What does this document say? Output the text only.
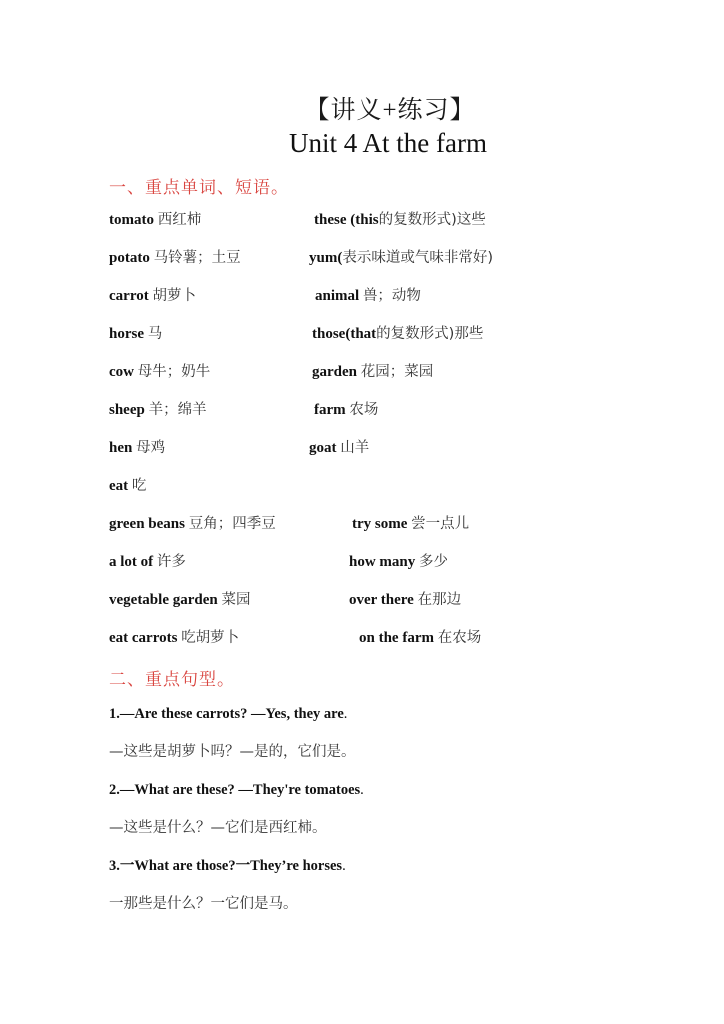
【讲义+练习】
Unit 4 At the farm
一、重点单词、短语。
tomato 西红柿
potato 马铃薯；土豆
carrot 胡萝卜
horse 马
cow 母牛；奶牛
sheep 羊；绵羊
hen 母鸡
eat 吃
green beans 豆角；四季豆
a lot of 许多
vegetable garden 菜园
eat carrots 吃胡萝卜
these (this的复数形式)这些
yum(表示味道或气味非常好)
animal 兽；动物
those(that的复数形式)那些
garden 花园；菜园
farm 农场
goat 山羊
try some 尝一点儿
how many 多少
over there 在那边
on the farm 在农场
二、重点句型。
1.—Are these carrots? —Yes, they are.
—这些是胡萝卜吗？—是的，它们是。
2.—What are these? —They're tomatoes.
—这些是什么？—它们是西红柿。
3.一What are those?一They’re horses.
一那些是什么？一它们是马。
